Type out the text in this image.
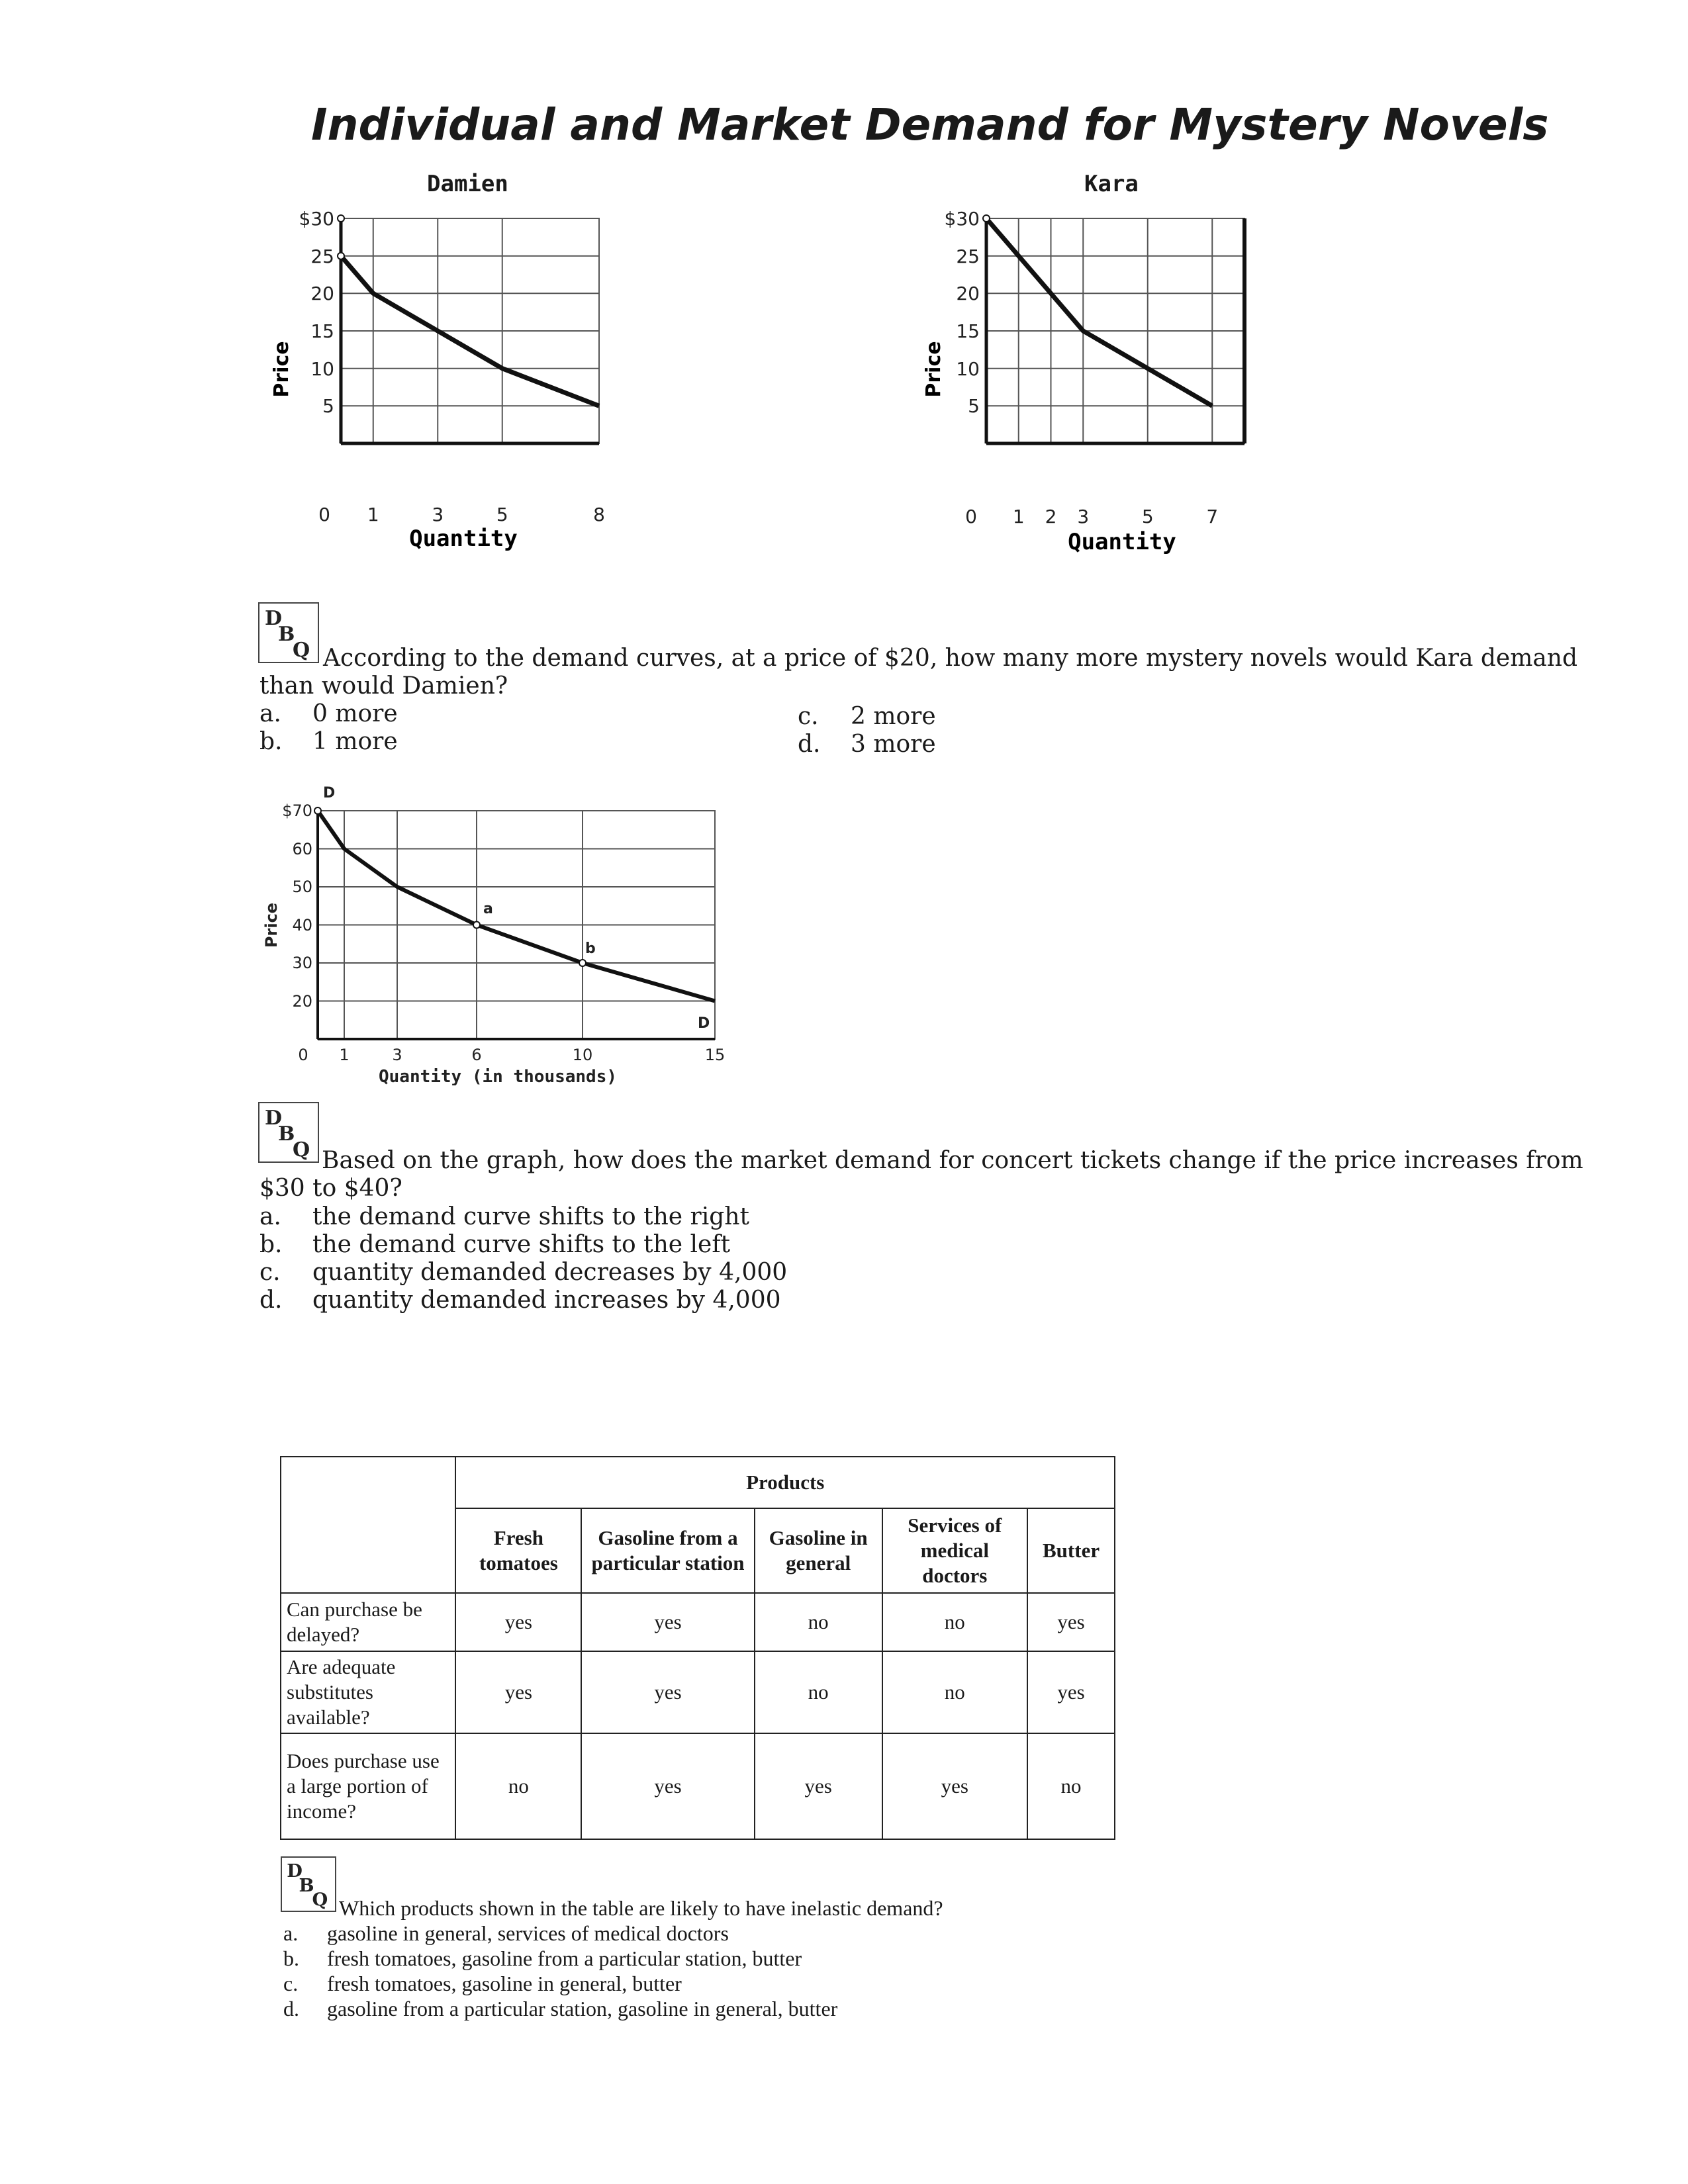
Individual and Market Demand for Mystery Novels
Damien
$30
25
20
15
10
5
0 1	3	5	8
Quantity
Price
Kara
$30
25
20
15
10
5
0 1 2 3	5	7
Quantity
Price
D
B
Q According to the demand curves, at a price of $20, how many more mystery novels would Kara demand
than would Damien?
a. 0 more
b. 1 more
c. 2 more
d. 3 more
D
D
a
b
$70
60
50
40
30
20
0 1	3	6	10	15
Quantity (in thousands)
Price
D
B
Q Based on the graph, how does the market demand for concert tickets change if the price increases from
$30 to $40?
a. the demand curve shifts to the right
b. the demand curve shifts to the left
c. quantity demanded decreases by 4,000
d. quantity demanded increases by 4,000
	Products				
	Fresh tomatoes	Gasoline from a particular station	Gasoline in general	Services of medical doctors	Butter
Can purchase be delayed?	yes	yes	no	no	yes
Are adequate substitutes available?	yes	yes	no	no	yes
Does purchase use a large portion of income?	no	yes	yes	yes	no
D
B
Q Which products shown in the table are likely to have inelastic demand?
a. gasoline in general, services of medical doctors
b. fresh tomatoes, gasoline from a particular station, butter
c. fresh tomatoes, gasoline in general, butter
d. gasoline from a particular station, gasoline in general, butter
